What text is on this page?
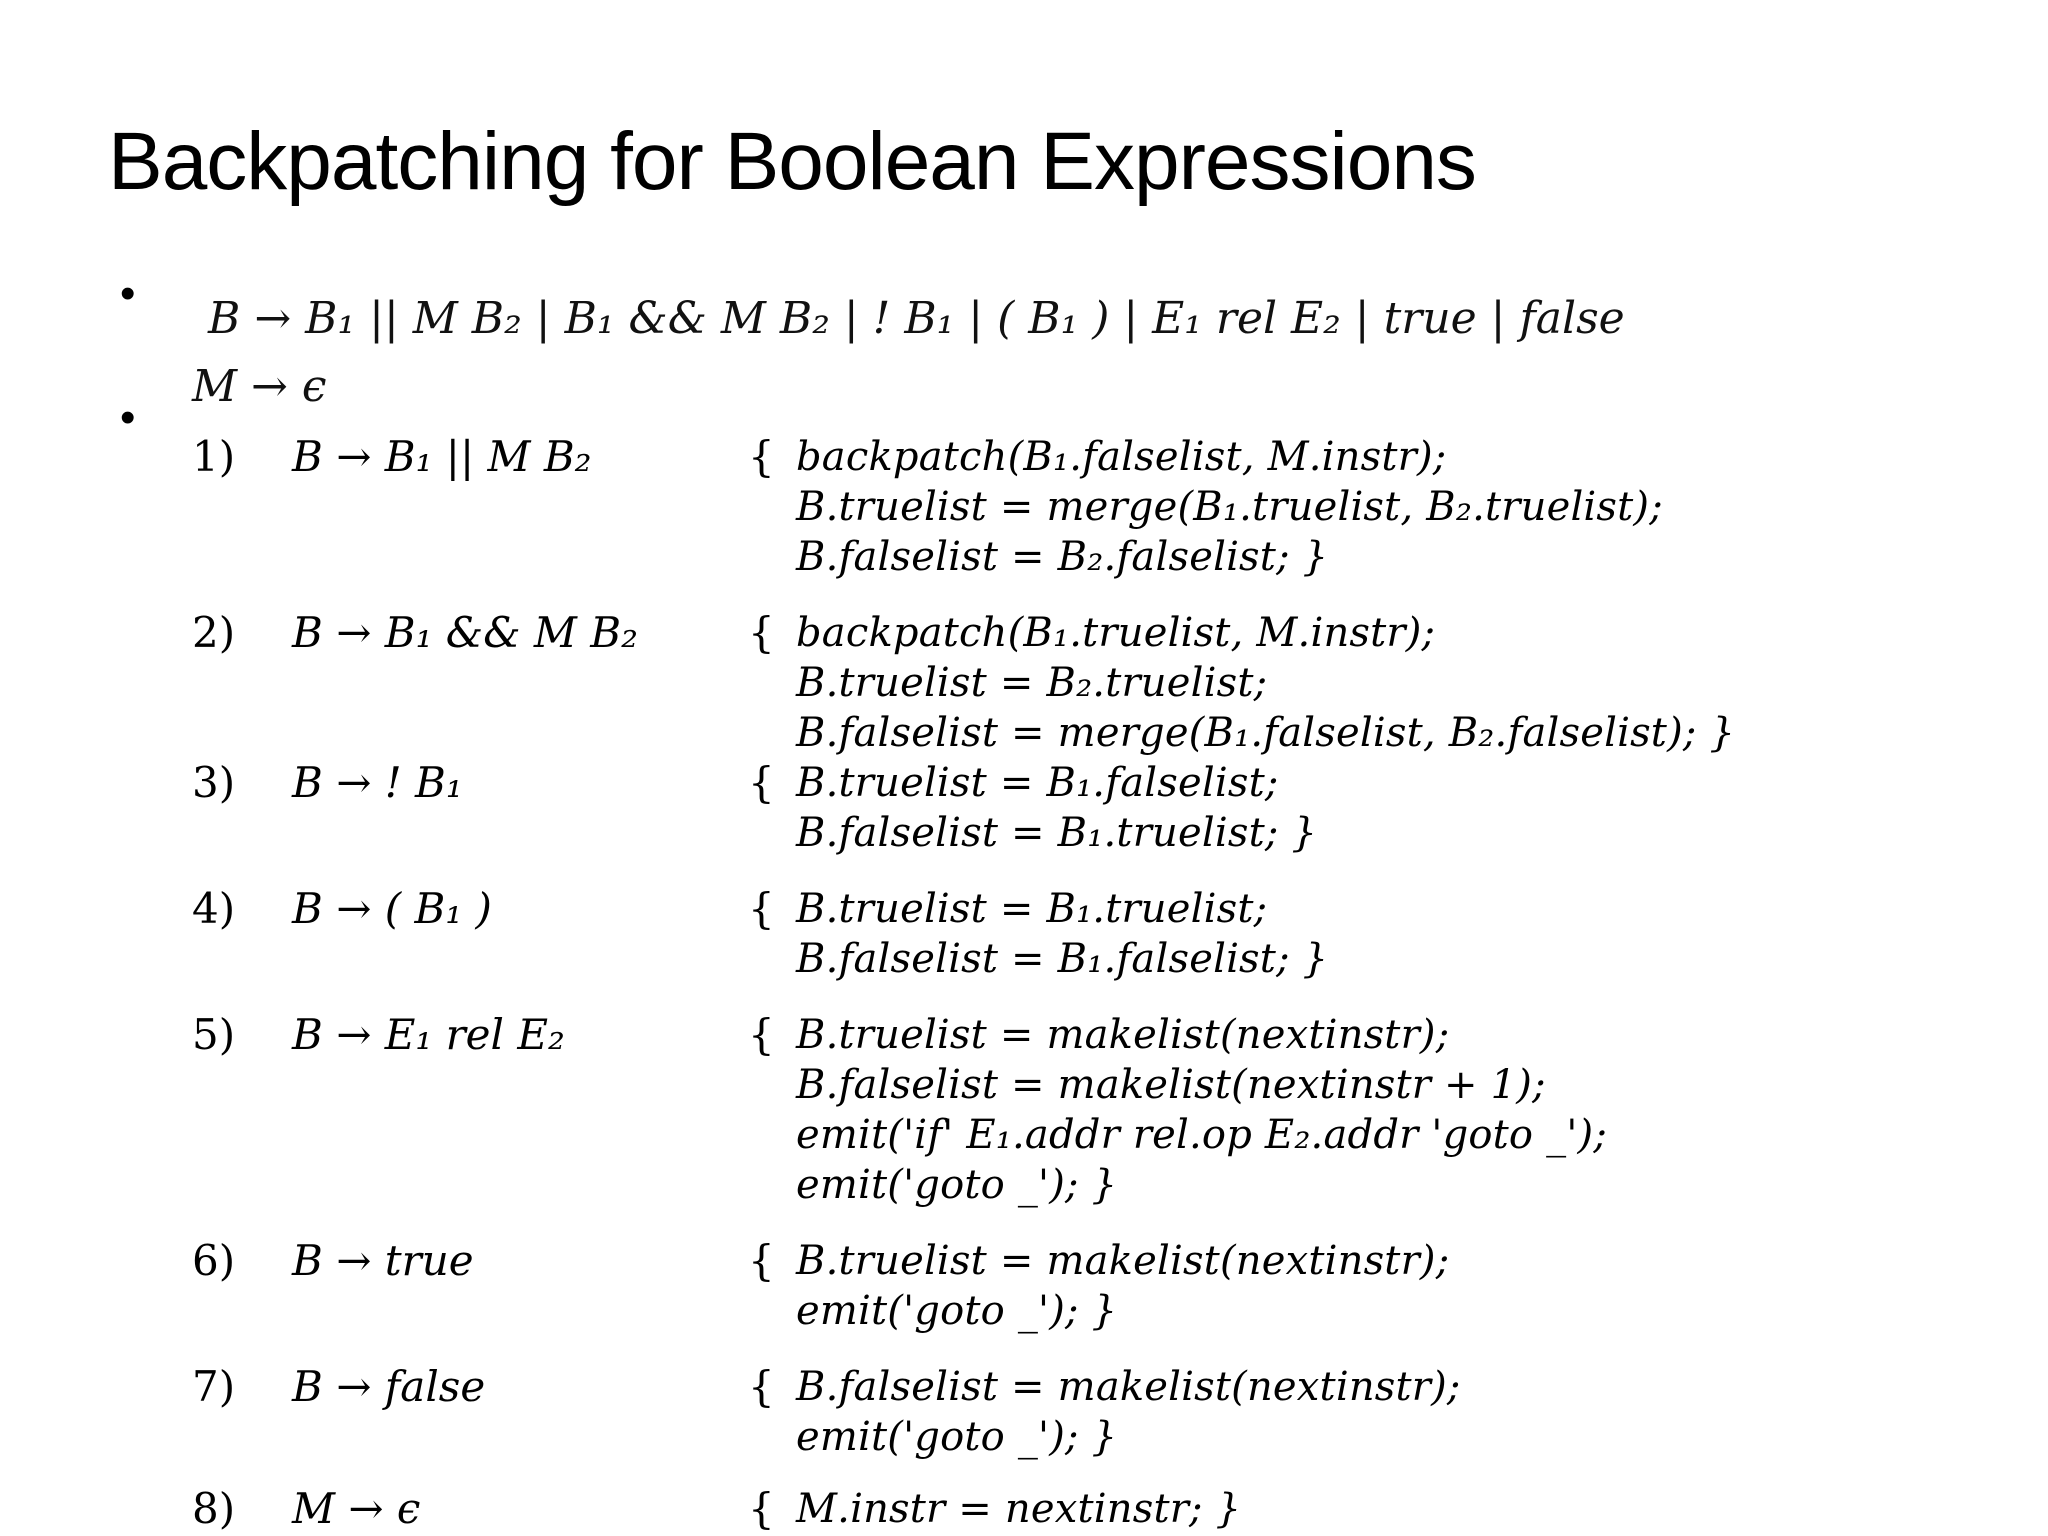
Backpatching for Boolean Expressions
•
•
B → B₁ || M B₂ | B₁ && M B₂ | ! B₁ | ( B₁ ) | E₁ rel E₂ | true | false
M → ϵ
1) B → B₁ || M B₂	{ backpatch(B₁.falselist, M.instr);
B.truelist = merge(B₁.truelist, B₂.truelist);
B.falselist = B₂.falselist; }
2) B → B₁ && M B₂	{ backpatch(B₁.truelist, M.instr);
B.truelist = B₂.truelist;
B.falselist = merge(B₁.falselist, B₂.falselist); }
3) B → ! B₁	{ B.truelist = B₁.falselist;
B.falselist = B₁.truelist; }
4) B → ( B₁ )	{ B.truelist = B₁.truelist;
B.falselist = B₁.falselist; }
5) B → E₁ rel E₂	{ B.truelist = makelist(nextinstr);
B.falselist = makelist(nextinstr + 1);
emit('if' E₁.addr rel.op E₂.addr 'goto _');
emit('goto _'); }
6) B → true	{ B.truelist = makelist(nextinstr);
emit('goto _'); }
7) B → false	{ B.falselist = makelist(nextinstr);
emit('goto _'); }
8) M → ϵ	{ M.instr = nextinstr; }
